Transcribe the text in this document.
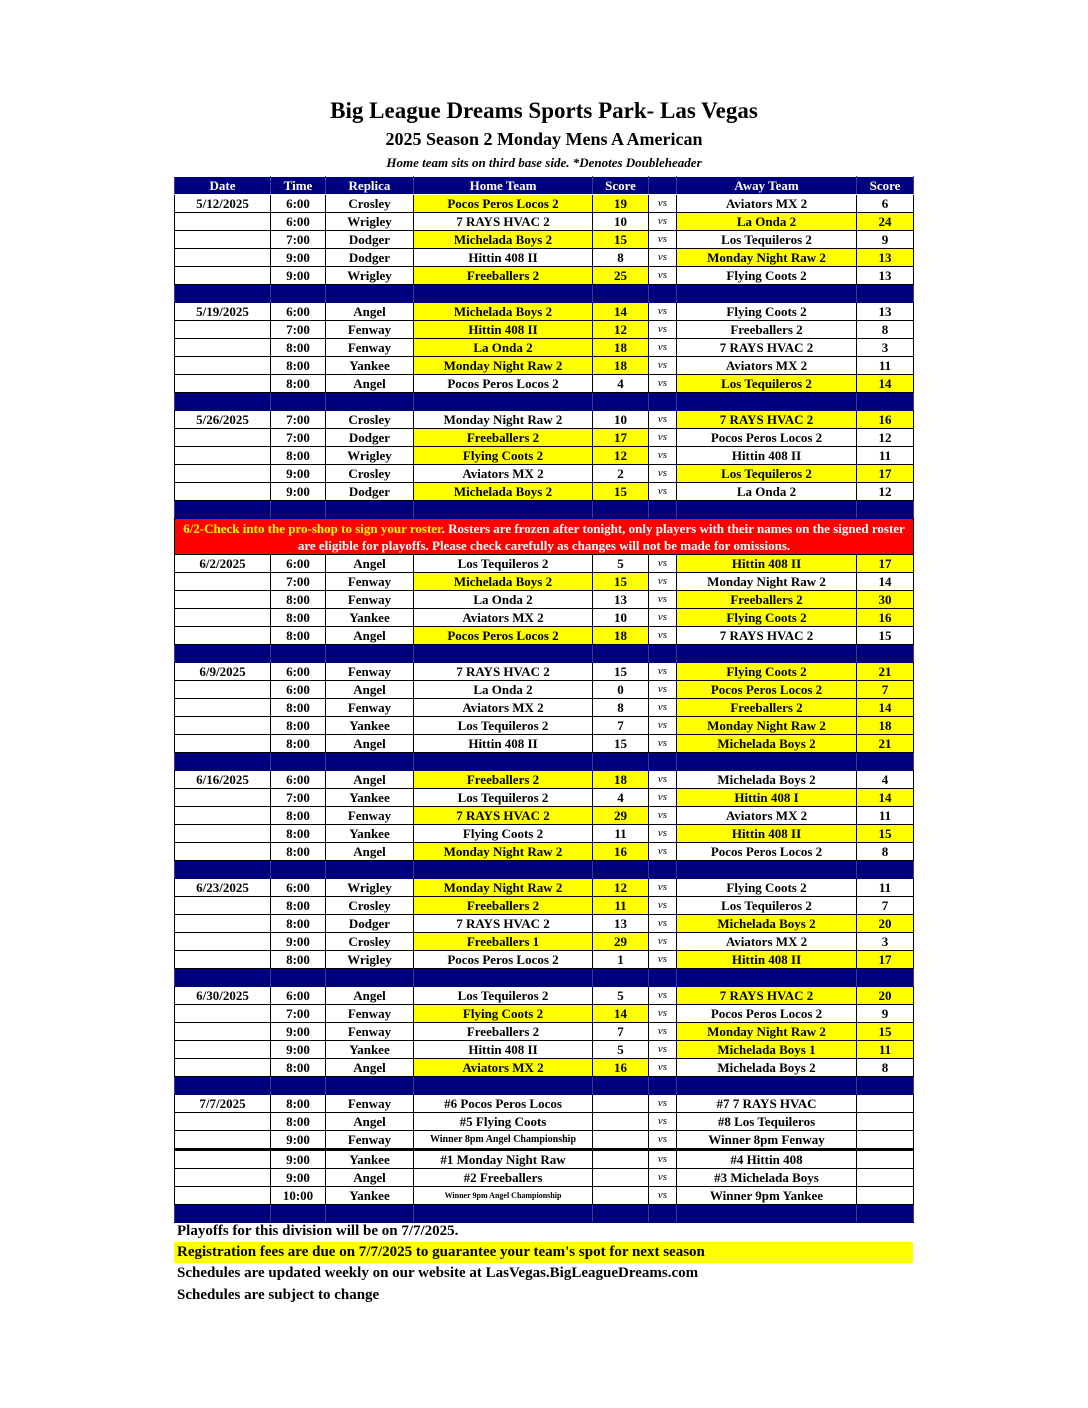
Big League Dreams Sports Park- Las Vegas
2025 Season 2 Monday Mens A American
Home team sits on third base side. *Denotes Doubleheader
Date	Time	Replica	Home Team	Score		Away Team	Score
5/12/2025	6:00	Crosley	Pocos Peros Locos 2	19	vs	Aviators MX 2	6
	6:00	Wrigley	7 RAYS HVAC 2	10	vs	La Onda 2	24
	7:00	Dodger	Michelada Boys 2	15	vs	Los Tequileros 2	9
	9:00	Dodger	Hittin 408 II	8	vs	Monday Night Raw 2	13
	9:00	Wrigley	Freeballers 2	25	vs	Flying Coots 2	13

5/19/2025	6:00	Angel	Michelada Boys 2	14	vs	Flying Coots 2	13
	7:00	Fenway	Hittin 408 II	12	vs	Freeballers 2	8
	8:00	Fenway	La Onda 2	18	vs	7 RAYS HVAC 2	3
	8:00	Yankee	Monday Night Raw 2	18	vs	Aviators MX 2	11
	8:00	Angel	Pocos Peros Locos 2	4	vs	Los Tequileros 2	14

5/26/2025	7:00	Crosley	Monday Night Raw 2	10	vs	7 RAYS HVAC 2	16
	7:00	Dodger	Freeballers 2	17	vs	Pocos Peros Locos 2	12
	8:00	Wrigley	Flying Coots 2	12	vs	Hittin 408 II	11
	9:00	Crosley	Aviators MX 2	2	vs	Los Tequileros 2	17
	9:00	Dodger	Michelada Boys 2	15	vs	La Onda 2	12

6/2-Check into the pro-shop to sign your roster. Rosters are frozen after tonight, only players with their names on the signed roster are eligible for playoffs. Please check carefully as changes will not be made for omissions.							
6/2/2025	6:00	Angel	Los Tequileros 2	5	vs	Hittin 408 II	17
	7:00	Fenway	Michelada Boys 2	15	vs	Monday Night Raw 2	14
	8:00	Fenway	La Onda 2	13	vs	Freeballers 2	30
	8:00	Yankee	Aviators MX 2	10	vs	Flying Coots 2	16
	8:00	Angel	Pocos Peros Locos 2	18	vs	7 RAYS HVAC 2	15

6/9/2025	6:00	Fenway	7 RAYS HVAC 2	15	vs	Flying Coots 2	21
	6:00	Angel	La Onda 2	0	vs	Pocos Peros Locos 2	7
	8:00	Fenway	Aviators MX 2	8	vs	Freeballers 2	14
	8:00	Yankee	Los Tequileros 2	7	vs	Monday Night Raw 2	18
	8:00	Angel	Hittin 408 II	15	vs	Michelada Boys 2	21

6/16/2025	6:00	Angel	Freeballers 2	18	vs	Michelada Boys 2	4
	7:00	Yankee	Los Tequileros 2	4	vs	Hittin 408 I	14
	8:00	Fenway	7 RAYS HVAC 2	29	vs	Aviators MX 2	11
	8:00	Yankee	Flying Coots 2	11	vs	Hittin 408 II	15
	8:00	Angel	Monday Night Raw 2	16	vs	Pocos Peros Locos 2	8

6/23/2025	6:00	Wrigley	Monday Night Raw 2	12	vs	Flying Coots 2	11
	8:00	Crosley	Freeballers 2	11	vs	Los Tequileros 2	7
	8:00	Dodger	7 RAYS HVAC 2	13	vs	Michelada Boys 2	20
	9:00	Crosley	Freeballers 1	29	vs	Aviators MX 2	3
	8:00	Wrigley	Pocos Peros Locos 2	1	vs	Hittin 408 II	17

6/30/2025	6:00	Angel	Los Tequileros 2	5	vs	7 RAYS HVAC 2	20
	7:00	Fenway	Flying Coots 2	14	vs	Pocos Peros Locos 2	9
	9:00	Fenway	Freeballers 2	7	vs	Monday Night Raw 2	15
	9:00	Yankee	Hittin 408 II	5	vs	Michelada Boys 1	11
	8:00	Angel	Aviators MX 2	16	vs	Michelada Boys 2	8

7/7/2025	8:00	Fenway	#6 Pocos Peros Locos		vs	#7 7 RAYS HVAC	
	8:00	Angel	#5 Flying Coots		vs	#8 Los Tequileros	
	9:00	Fenway	Winner 8pm Angel Championship		vs	Winner 8pm Fenway	
	9:00	Yankee	#1 Monday Night Raw		vs	#4 Hittin 408	
	9:00	Angel	#2 Freeballers		vs	#3 Michelada Boys	
	10:00	Yankee	Winner 9pm Angel Championship		vs	Winner 9pm Yankee	

Playoffs for this division will be on 7/7/2025.
Registration fees are due on 7/7/2025 to guarantee your team's spot for next season
Schedules are updated weekly on our website at LasVegas.BigLeagueDreams.com
Schedules are subject to change
